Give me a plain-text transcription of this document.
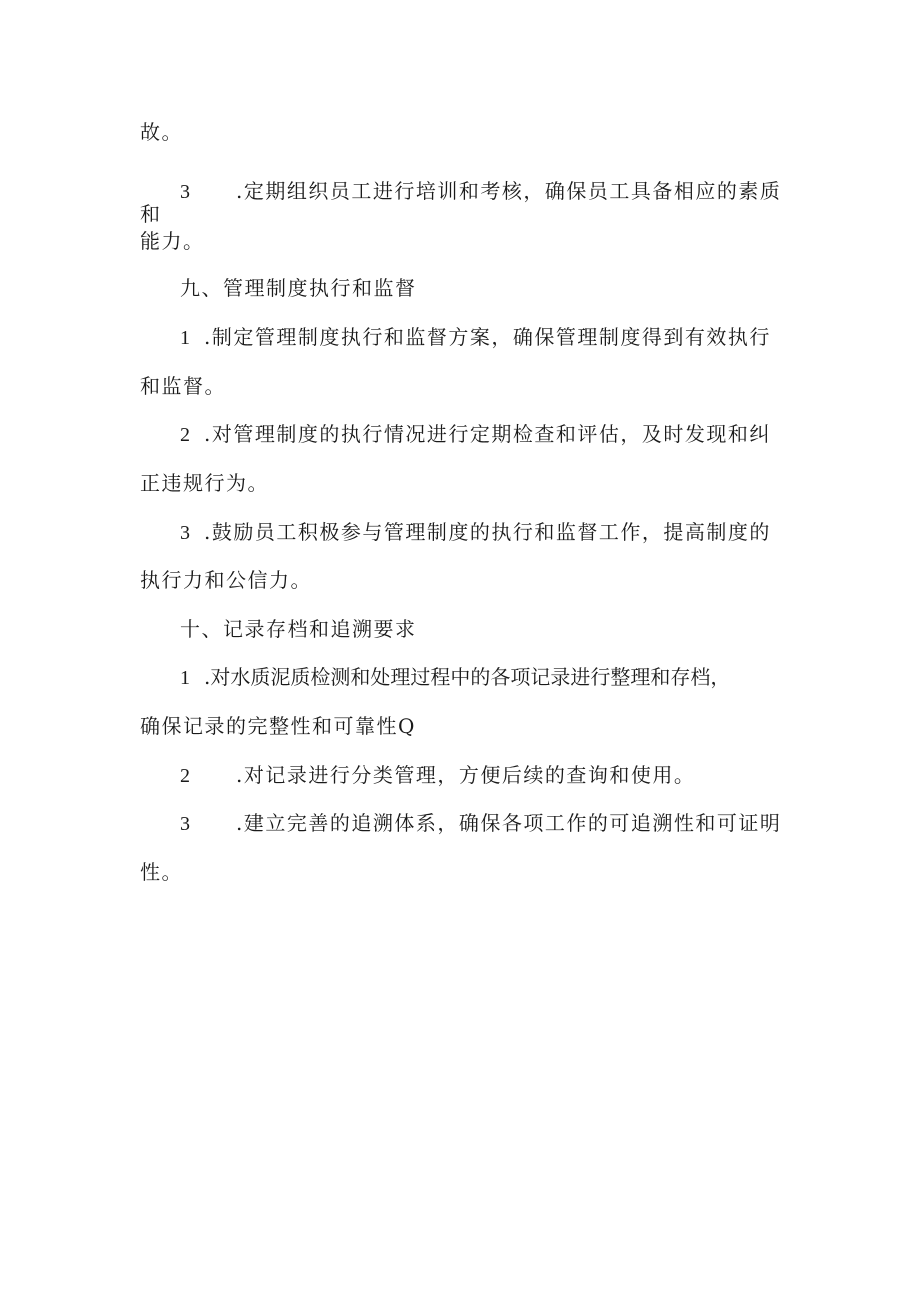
故。
3 .定期组织员工进行培训和考核，确保员工具备相应的素质
和
能力。
九、管理制度执行和监督
1 .制定管理制度执行和监督方案，确保管理制度得到有效执行
和监督。
2 .对管理制度的执行情况进行定期检查和评估，及时发现和纠
正违规行为。
3 .鼓励员工积极参与管理制度的执行和监督工作，提高制度的
执行力和公信力。
十、记录存档和追溯要求
1 .对水质泥质检测和处理过程中的各项记录进行整理和存档，
确保记录的完整性和可靠性Q
2 .对记录进行分类管理，方便后续的查询和使用。
3 .建立完善的追溯体系，确保各项工作的可追溯性和可证明
性。
